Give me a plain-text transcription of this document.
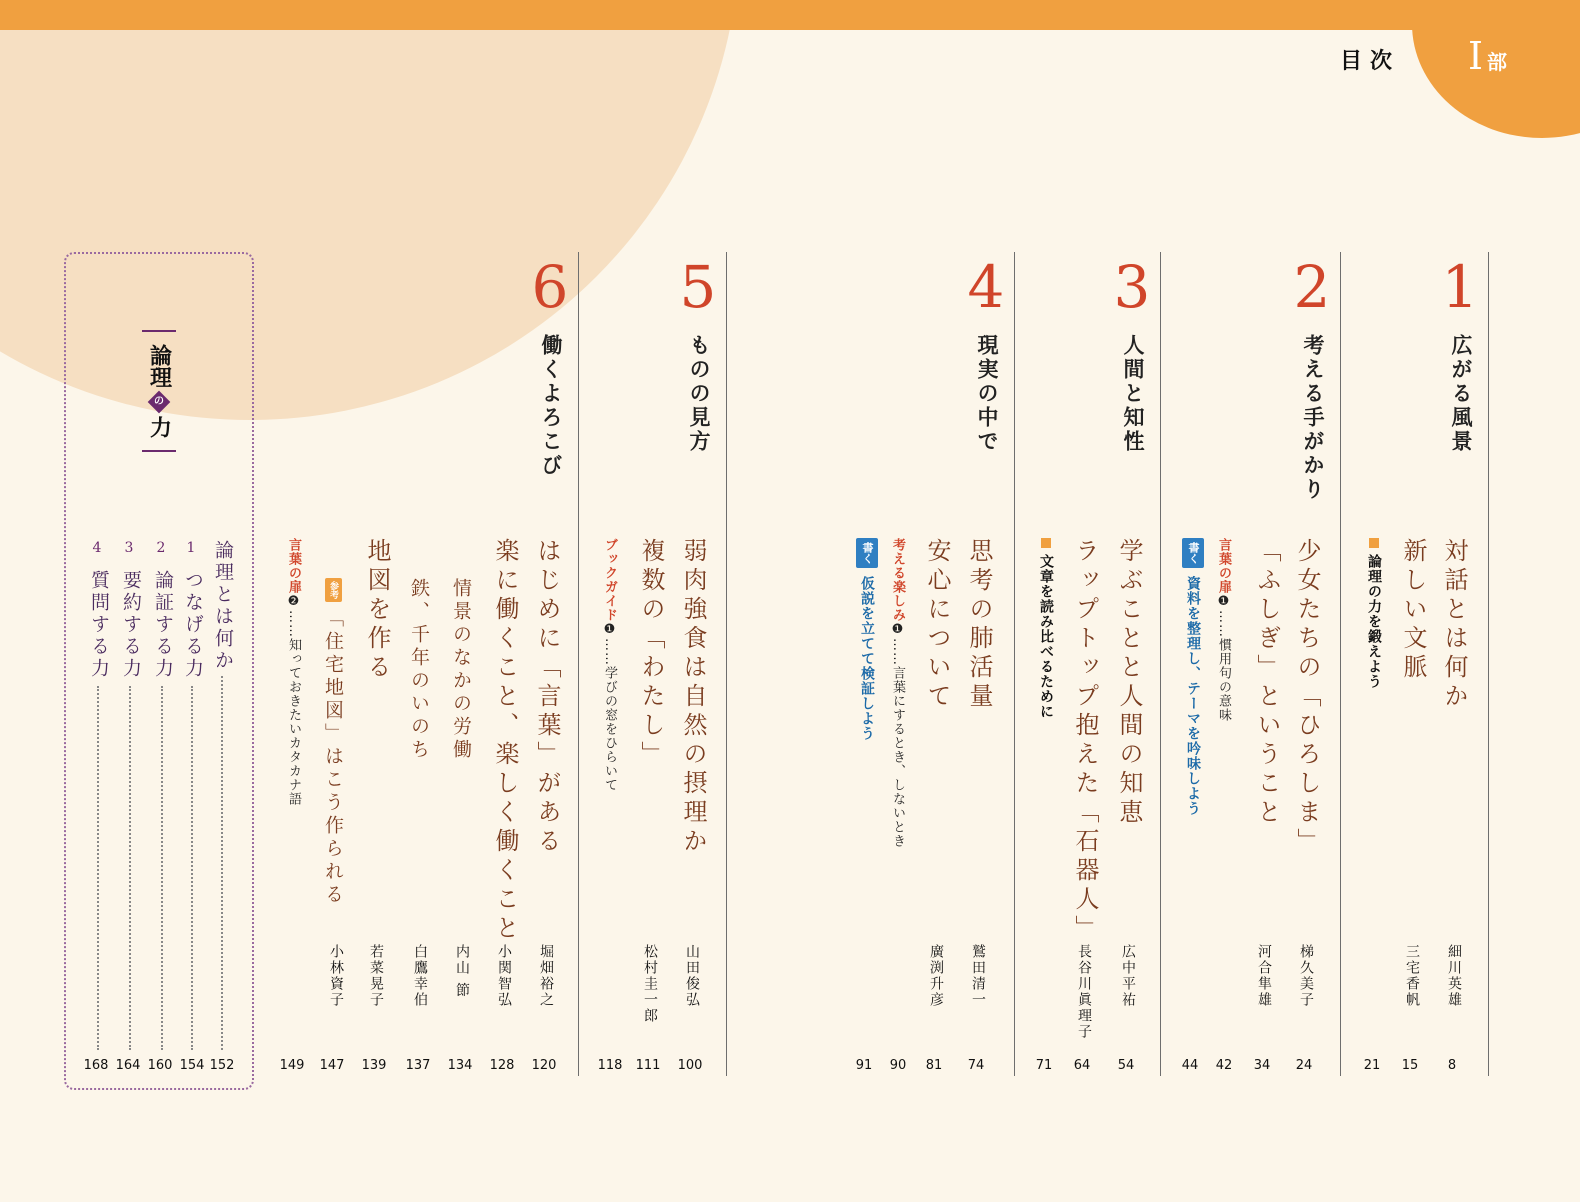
目次 I部
1
広がる風景
対話とは何か
細川英雄
8
新しい文脈
三宅香帆
15
論理の力を鍛えよう
21
2
考える手がかり
少女たちの「ひろしま」
梯久美子
24
「ふしぎ」ということ
河合隼雄
34
言葉の扉❶……慣用句の意味
42
書く資料を整理し、テーマを吟味しよう
44
3
人間と知性
学ぶことと人間の知恵
広中平祐
54
ラップトップ抱えた「石器人」
長谷川眞理子
64
文章を読み比べるために
71
4
現実の中で
思考の肺活量
鷲田清一
74
安心について
廣渕升彦
81
考える楽しみ❶……言葉にするとき、しないとき
90
書く仮説を立てて検証しよう
91
5
ものの見方
弱肉強食は自然の摂理か
山田俊弘
100
複数の「わたし」
松村圭一郎
111
ブックガイド❶……学びの窓をひらいて
118
6
働くよろこび
はじめに「言葉」がある
堀畑裕之
120
楽に働くこと、楽しく働くこと
小関智弘
128
情景のなかの労働
内山 節
134
鉄、千年のいのち
白鷹幸伯
137
地図を作る
若菜晃子
139
参考「住宅地図」はこう作られる
小林資子
147
言葉の扉❷……知っておきたいカタカナ語
149
論理
の
力
論理とは何か
152
1
つなげる力
154
2
論証する力
160
3
要約する力
164
4
質問する力
168
